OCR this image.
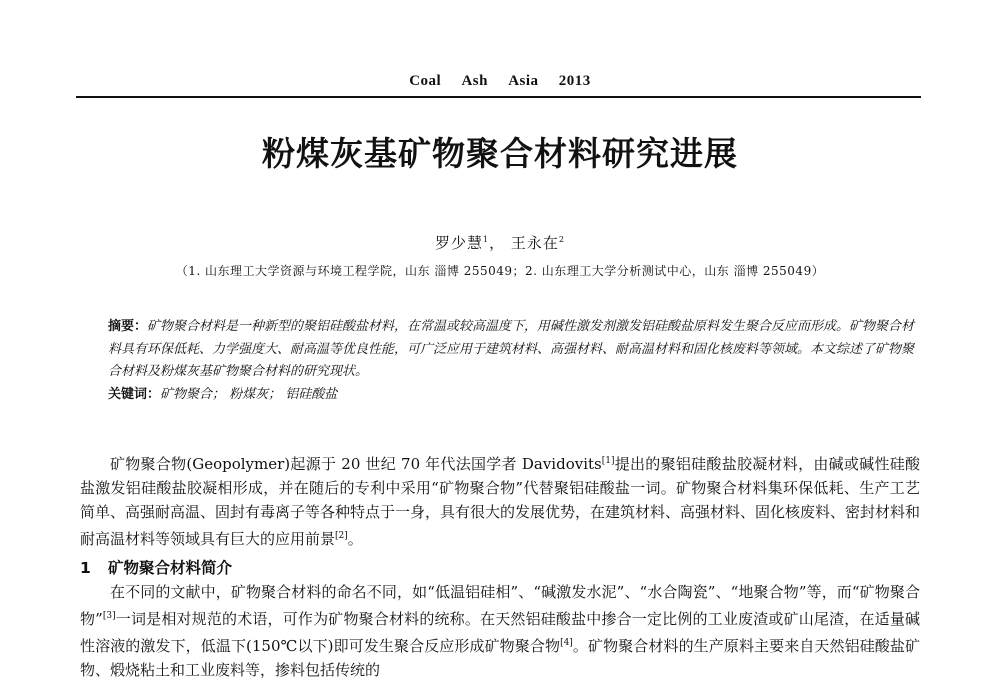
Coal Ash Asia 2013
粉煤灰基矿物聚合材料研究进展
罗少慧$^1$， 王永在$^2$
（1. 山东理工大学资源与环境工程学院，山东 淄博 255049；2. 山东理工大学分析测试中心，山东 淄博 255049）
摘要：矿物聚合材料是一种新型的聚铝硅酸盐材料，在常温或较高温度下，用碱性激发剂激发铝硅酸盐原料发生聚合反应而形成。矿物聚合材料具有环保低耗、力学强度大、耐高温等优良性能，可广泛应用于建筑材料、高强材料、耐高温材料和固化核废料等领域。本文综述了矿物聚合材料及粉煤灰基矿物聚合材料的研究现状。
关键词：矿物聚合； 粉煤灰； 铝硅酸盐

矿物聚合物(Geopolymer)起源于 20 世纪 70 年代法国学者 Davidovits[1]提出的聚铝硅酸盐胶凝材料，由碱或碱性硅酸盐激发铝硅酸盐胶凝相形成，并在随后的专利中采用“矿物聚合物”代替聚铝硅酸盐一词。矿物聚合材料集环保低耗、生产工艺简单、高强耐高温、固封有毒离子等各种特点于一身，具有很大的发展优势，在建筑材料、高强材料、固化核废料、密封材料和耐高温材料等领域具有巨大的应用前景[2]。

1 矿物聚合材料简介

在不同的文献中，矿物聚合材料的命名不同，如“低温铝硅相”、“碱激发水泥”、“水合陶瓷”、“地聚合物”等，而“矿物聚合物”[3]一词是相对规范的术语，可作为矿物聚合材料的统称。在天然铝硅酸盐中掺合一定比例的工业废渣或矿山尾渣，在适量碱性溶液的激发下，低温下(150℃以下)即可发生聚合反应形成矿物聚合物[4]。矿物聚合材料的生产原料主要来自天然铝硅酸盐矿物、煅烧粘土和工业废料等，掺料包括传统的
